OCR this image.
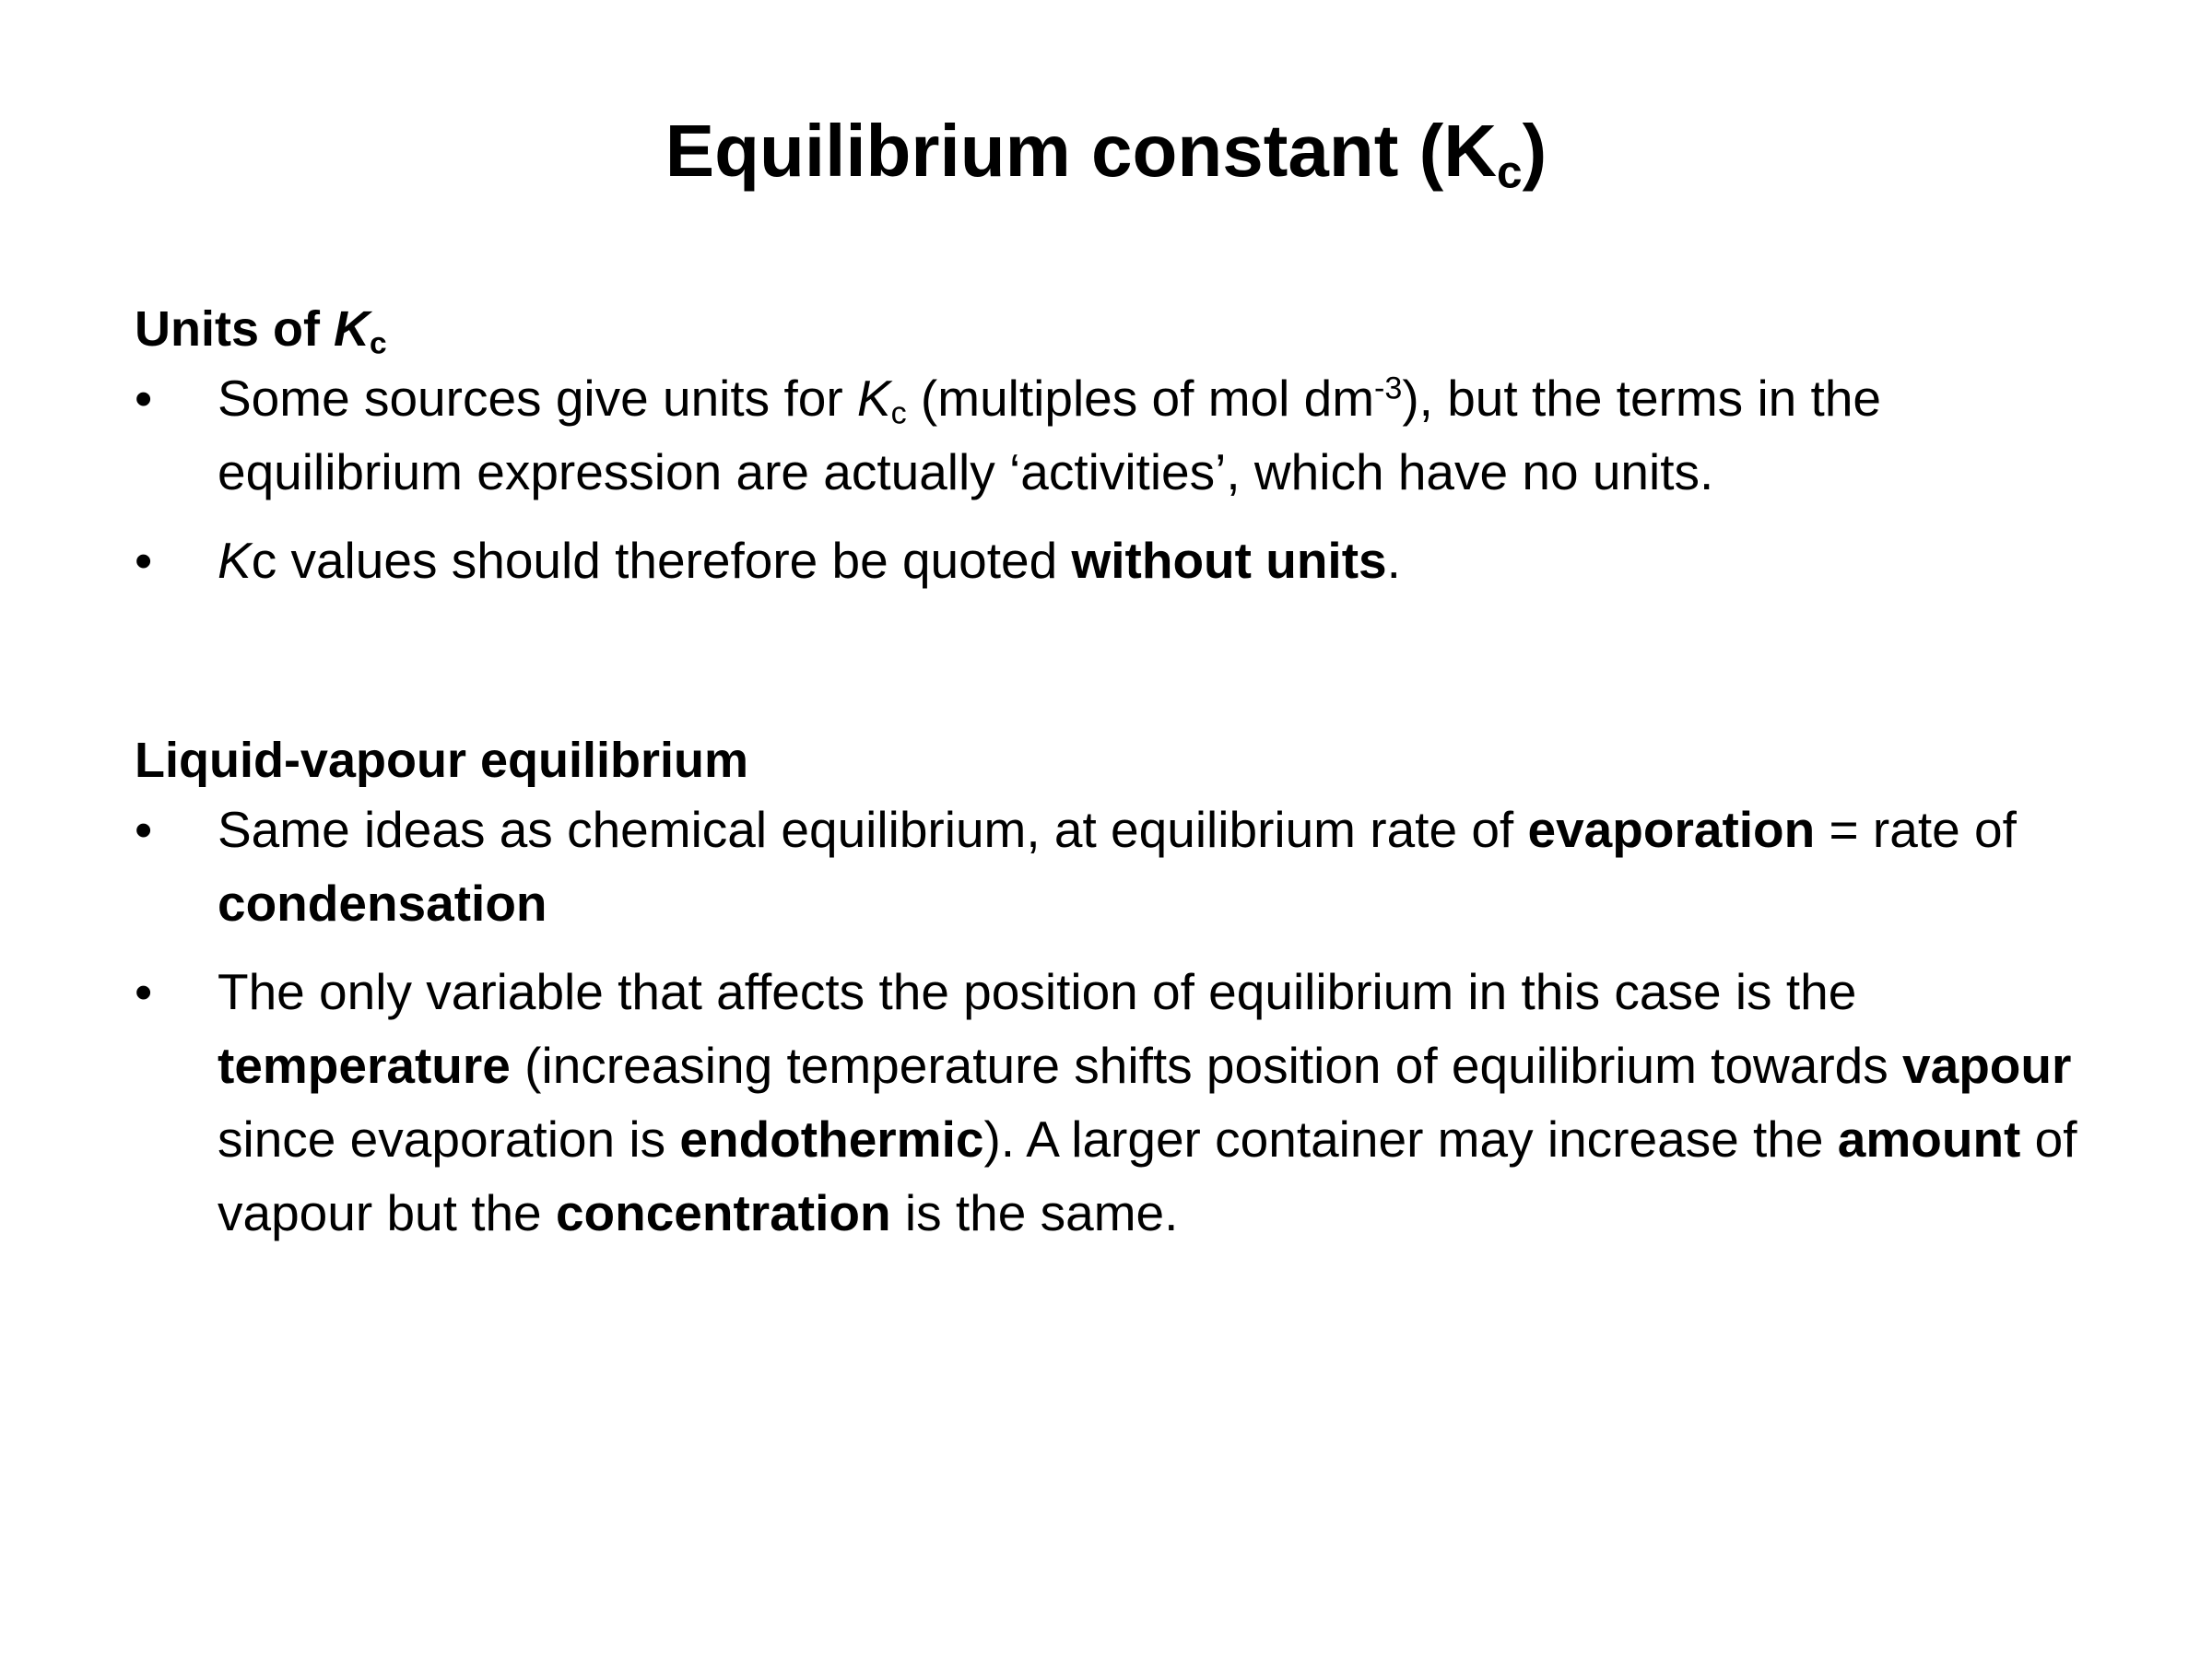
Equilibrium constant $(K_c)$
Units of $K_c$
•	Some sources give units for $K_c$ (multiples of mol $dm^{-3}$), but the terms in the equilibrium expression are actually ‘activities’, which have no units.
•	Kc values should therefore be quoted without units.
Liquid-vapour equilibrium
•	Same ideas as chemical equilibrium, at equilibrium rate of evaporation = rate of condensation
•	The only variable that affects the position of equilibrium in this case is the temperature (increasing temperature shifts position of equilibrium towards vapour since evaporation is endothermic). A larger container may increase the amount of vapour but the concentration is the same.
